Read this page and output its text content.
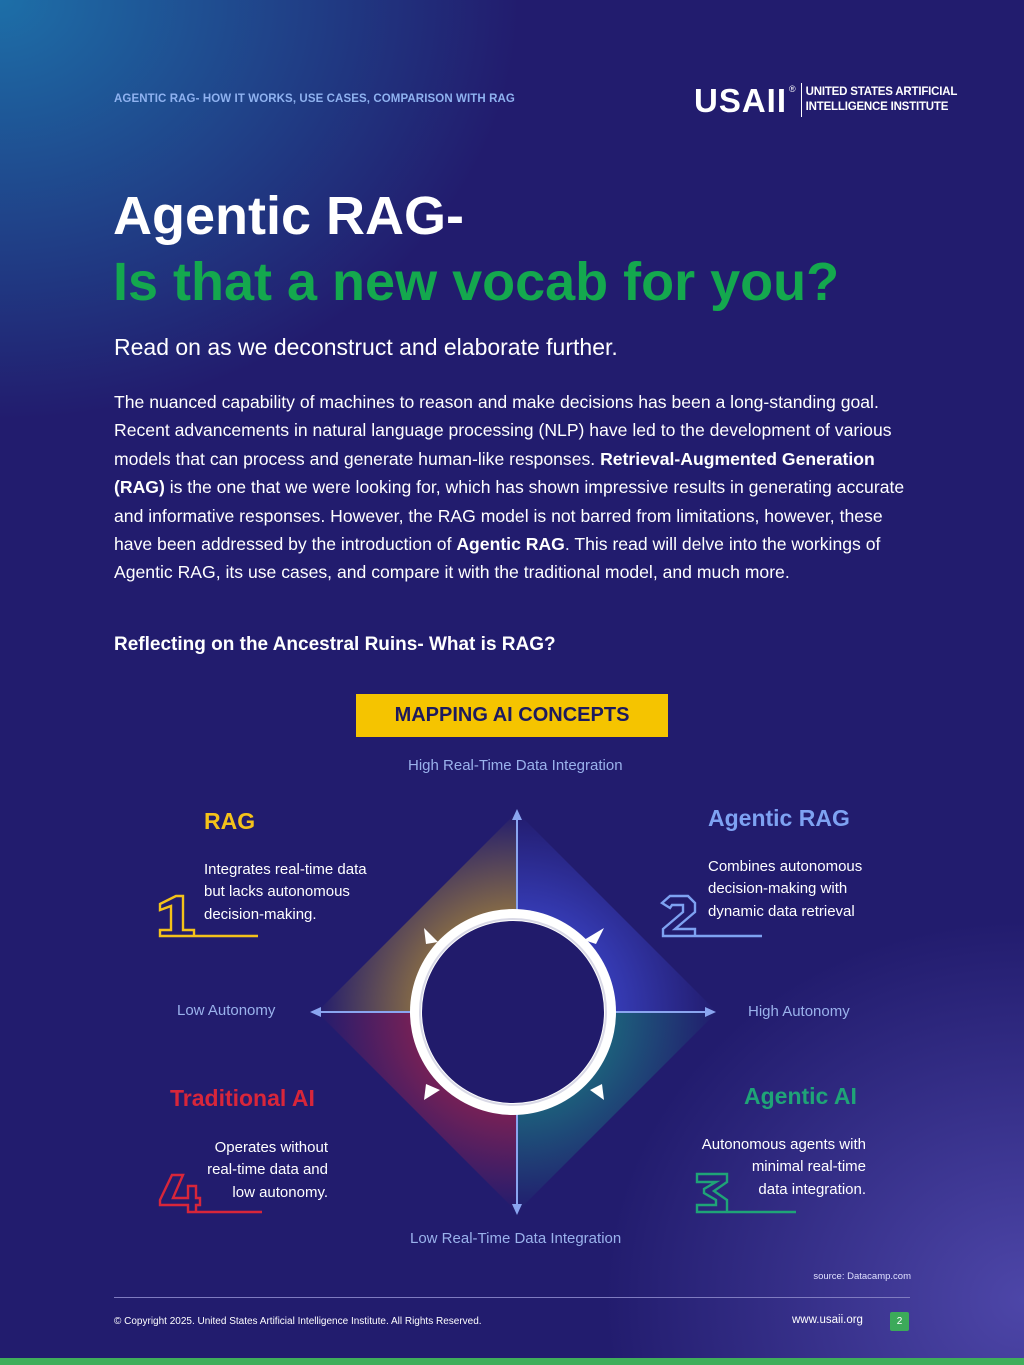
AGENTIC RAG- HOW IT WORKS, USE CASES, COMPARISON WITH RAG	USAII ® UNITED STATES ARTIFICIAL
INTELLIGENCE INSTITUTE
Agentic RAG-
Is that a new vocab for you?
Read on as we deconstruct and elaborate further.
The nuanced capability of machines to reason and make decisions has been a long-standing goal. Recent advancements in natural language processing (NLP) have led to the development of various models that can process and generate human-like responses. Retrieval-Augmented Generation (RAG) is the one that we were looking for, which has shown impressive results in generating accurate and informative responses. However, the RAG model is not barred from limitations, however, these have been addressed by the introduction of Agentic RAG. This read will delve into the workings of Agentic RAG, its use cases, and compare it with the traditional model, and much more.
Reflecting on the Ancestral Ruins- What is RAG?
MAPPING AI CONCEPTS
High Real-Time Data Integration
Low Real-Time Data Integration
Low Autonomy	High Autonomy
RAG
Integrates real-time data
but lacks autonomous
decision-making.
Agentic RAG
Combines autonomous
decision-making with
dynamic data retrieval
Agentic AI
Autonomous agents with
minimal real-time
data integration.
Traditional AI
Operates without
real-time data and
low autonomy.
source: Datacamp.com
© Copyright 2025. United States Artificial Intelligence Institute. All Rights Reserved.	www.usaii.org	2
